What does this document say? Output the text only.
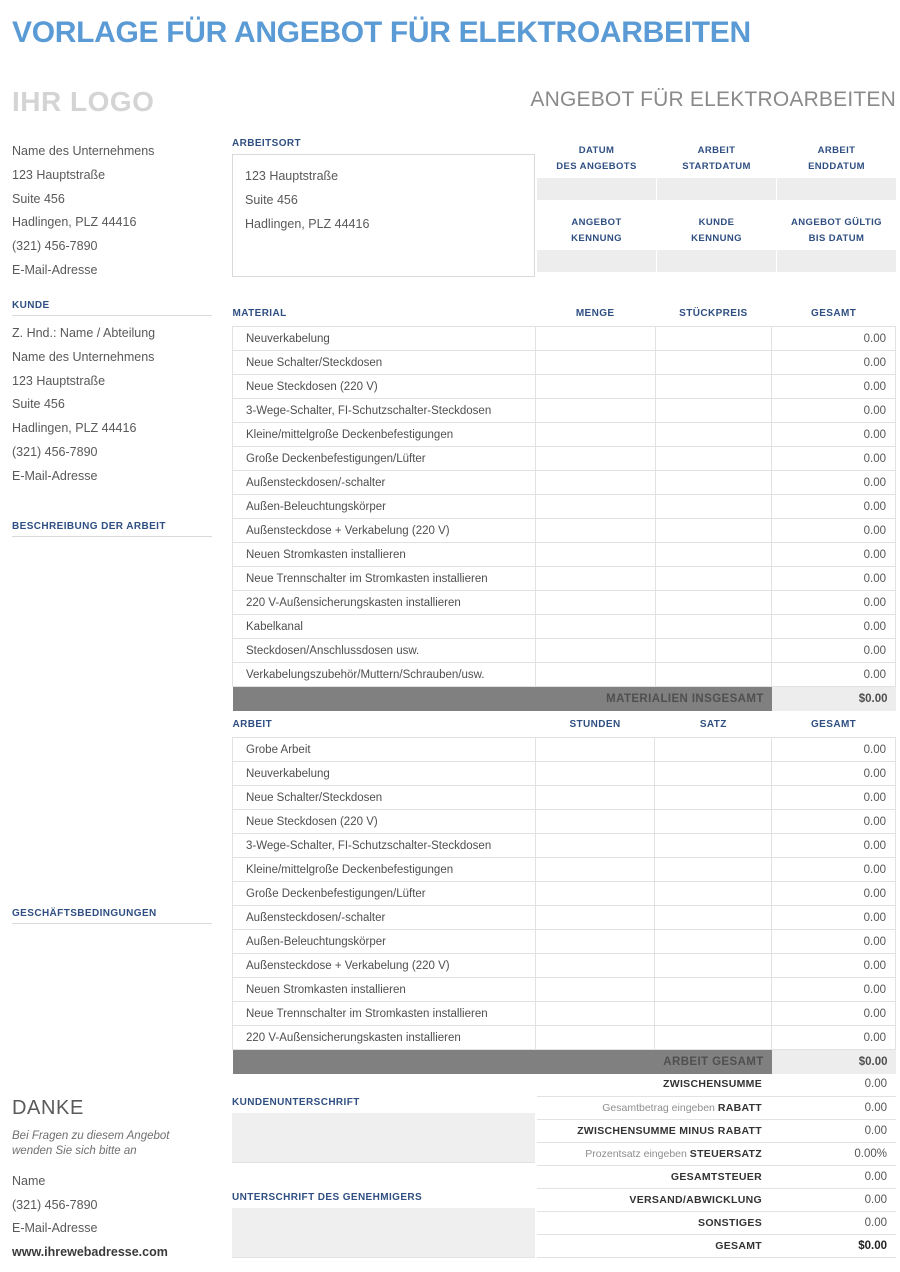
VORLAGE FÜR ANGEBOT FÜR ELEKTROARBEITEN
IHR LOGO	ANGEBOT FÜR ELEKTROARBEITEN
Name des Unternehmens
123 Hauptstraße
Suite 456
Hadlingen, PLZ 44416
(321) 456-7890
E-Mail-Adresse
KUNDE
Z. Hnd.: Name / Abteilung
Name des Unternehmens
123 Hauptstraße
Suite 456
Hadlingen, PLZ 44416
(321) 456-7890
E-Mail-Adresse
BESCHREIBUNG DER ARBEIT
GESCHÄFTSBEDINGUNGEN
ARBEITSORT
123 Hauptstraße
Suite 456
Hadlingen, PLZ 44416
DATUM
DES ANGEBOTS
ARBEIT
STARTDATUM
ARBEIT
ENDDATUM
ANGEBOT
KENNUNG
KUNDE
KENNUNG
ANGEBOT GÜLTIG
BIS DATUM
MATERIAL	MENGE	STÜCKPREIS	GESAMT
Neuverkabelung			0.00
Neue Schalter/Steckdosen			0.00
Neue Steckdosen (220 V)			0.00
3-Wege-Schalter, FI-Schutzschalter-Steckdosen			0.00
Kleine/mittelgroße Deckenbefestigungen			0.00
Große Deckenbefestigungen/Lüfter			0.00
Außensteckdosen/-schalter			0.00
Außen-Beleuchtungskörper			0.00
Außensteckdose + Verkabelung (220 V)			0.00
Neuen Stromkasten installieren			0.00
Neue Trennschalter im Stromkasten installieren			0.00
220 V-Außensicherungskasten installieren			0.00
Kabelkanal			0.00
Steckdosen/Anschlussdosen usw.			0.00
Verkabelungszubehör/Muttern/Schrauben/usw.			0.00
MATERIALIEN INSGESAMT			$0.00
ARBEIT	STUNDEN	SATZ	GESAMT
Grobe Arbeit			0.00
Neuverkabelung			0.00
Neue Schalter/Steckdosen			0.00
Neue Steckdosen (220 V)			0.00
3-Wege-Schalter, FI-Schutzschalter-Steckdosen			0.00
Kleine/mittelgroße Deckenbefestigungen			0.00
Große Deckenbefestigungen/Lüfter			0.00
Außensteckdosen/-schalter			0.00
Außen-Beleuchtungskörper			0.00
Außensteckdose + Verkabelung (220 V)			0.00
Neuen Stromkasten installieren			0.00
Neue Trennschalter im Stromkasten installieren			0.00
220 V-Außensicherungskasten installieren			0.00
ARBEIT GESAMT			$0.00
ZWISCHENSUMME	0.00
Gesamtbetrag eingeben RABATT	0.00
ZWISCHENSUMME MINUS RABATT	0.00
Prozentsatz eingeben STEUERSATZ	0.00%
GESAMTSTEUER	0.00
VERSAND/ABWICKLUNG	0.00
SONSTIGES	0.00
GESAMT	$0.00
KUNDENUNTERSCHRIFT
UNTERSCHRIFT DES GENEHMIGERS
DANKE
Bei Fragen zu diesem Angebot
wenden Sie sich bitte an
Name
(321) 456-7890
E-Mail-Adresse
www.ihrewebadresse.com
